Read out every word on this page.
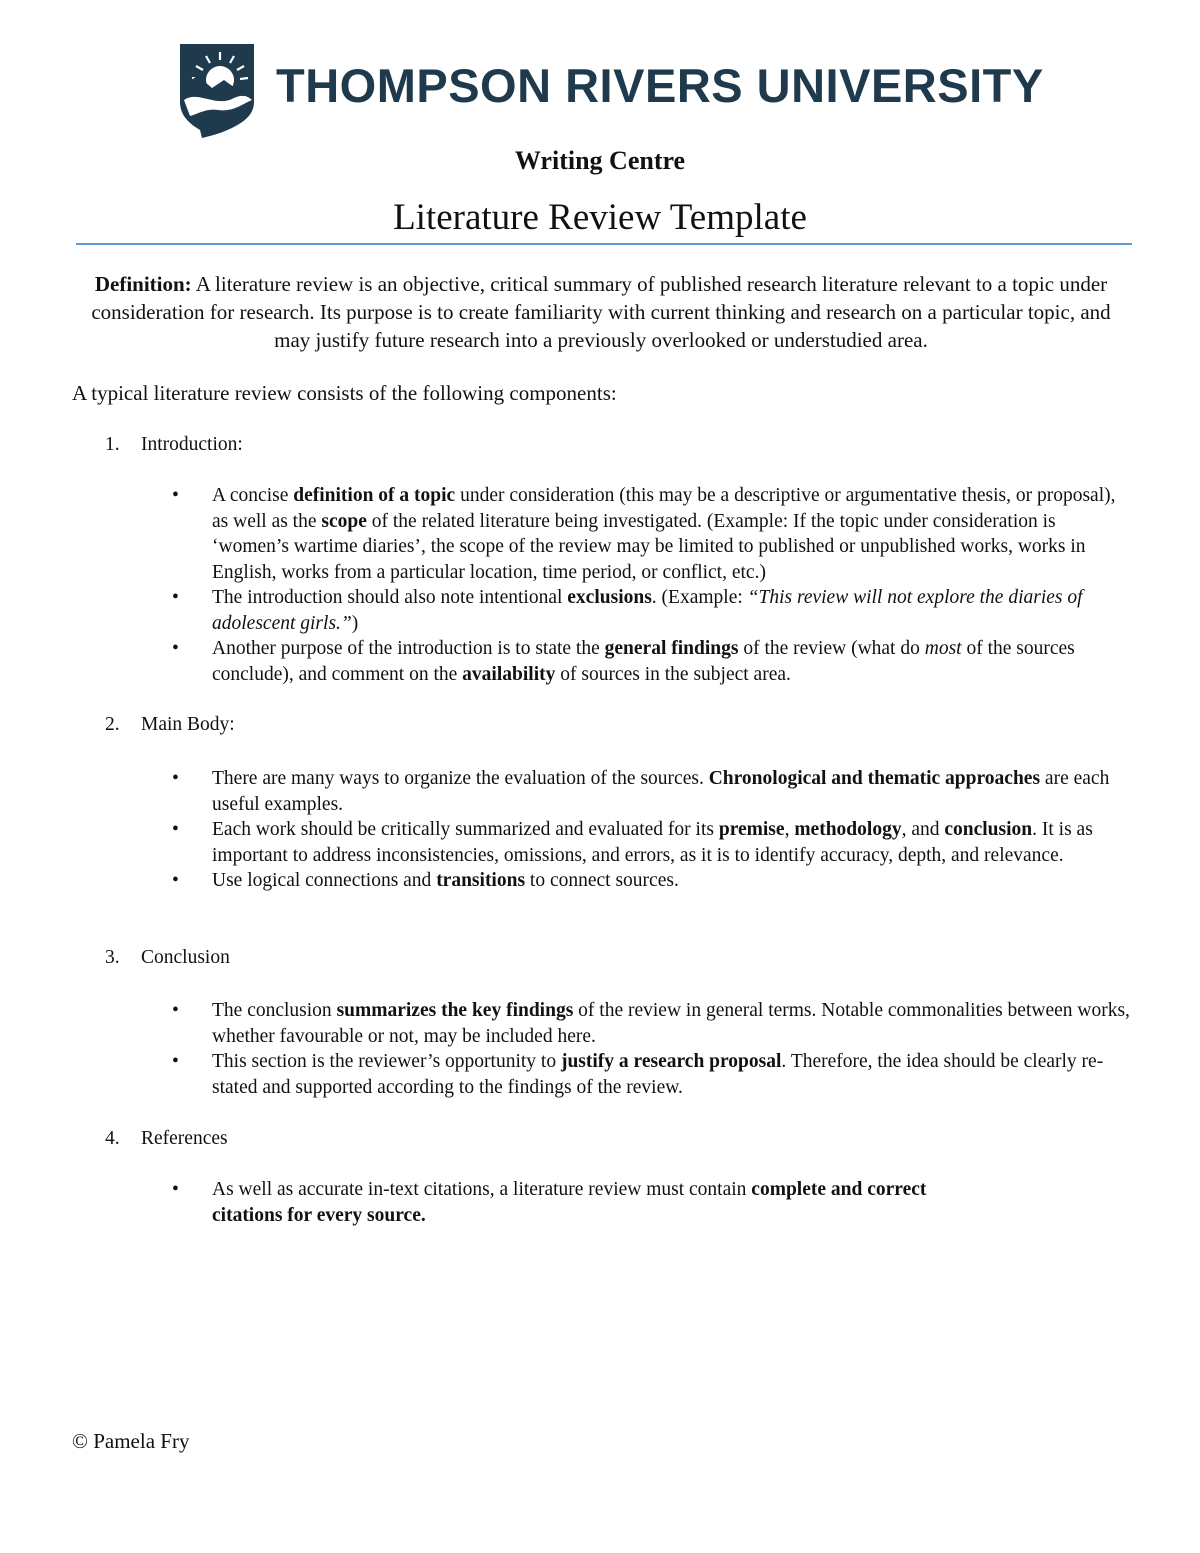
THOMPSON RIVERS UNIVERSITY
Writing Centre
Literature Review Template
Definition: A literature review is an objective, critical summary of published research literature relevant to a topic under consideration for research. Its purpose is to create familiarity with current thinking and research on a particular topic, and may justify future research into a previously overlooked or understudied area.
A typical literature review consists of the following components:
1. Introduction:
• A concise definition of a topic under consideration (this may be a descriptive or argumentative thesis, or proposal), as well as the scope of the related literature being investigated. (Example: If the topic under consideration is ‘women’s wartime diaries’, the scope of the review may be limited to published or unpublished works, works in English, works from a particular location, time period, or conflict, etc.)
• The introduction should also note intentional exclusions. (Example: “This review will not explore the diaries of adolescent girls.”)
• Another purpose of the introduction is to state the general findings of the review (what do most of the sources conclude), and comment on the availability of sources in the subject area.
2. Main Body:
• There are many ways to organize the evaluation of the sources. Chronological and thematic approaches are each useful examples.
• Each work should be critically summarized and evaluated for its premise, methodology, and conclusion. It is as important to address inconsistencies, omissions, and errors, as it is to identify accuracy, depth, and relevance.
• Use logical connections and transitions to connect sources.
3. Conclusion
• The conclusion summarizes the key findings of the review in general terms. Notable commonalities between works, whether favourable or not, may be included here.
• This section is the reviewer’s opportunity to justify a research proposal. Therefore, the idea should be clearly re-stated and supported according to the findings of the review.
4. References
• As well as accurate in-text citations, a literature review must contain complete and correct citations for every source.
© Pamela Fry
